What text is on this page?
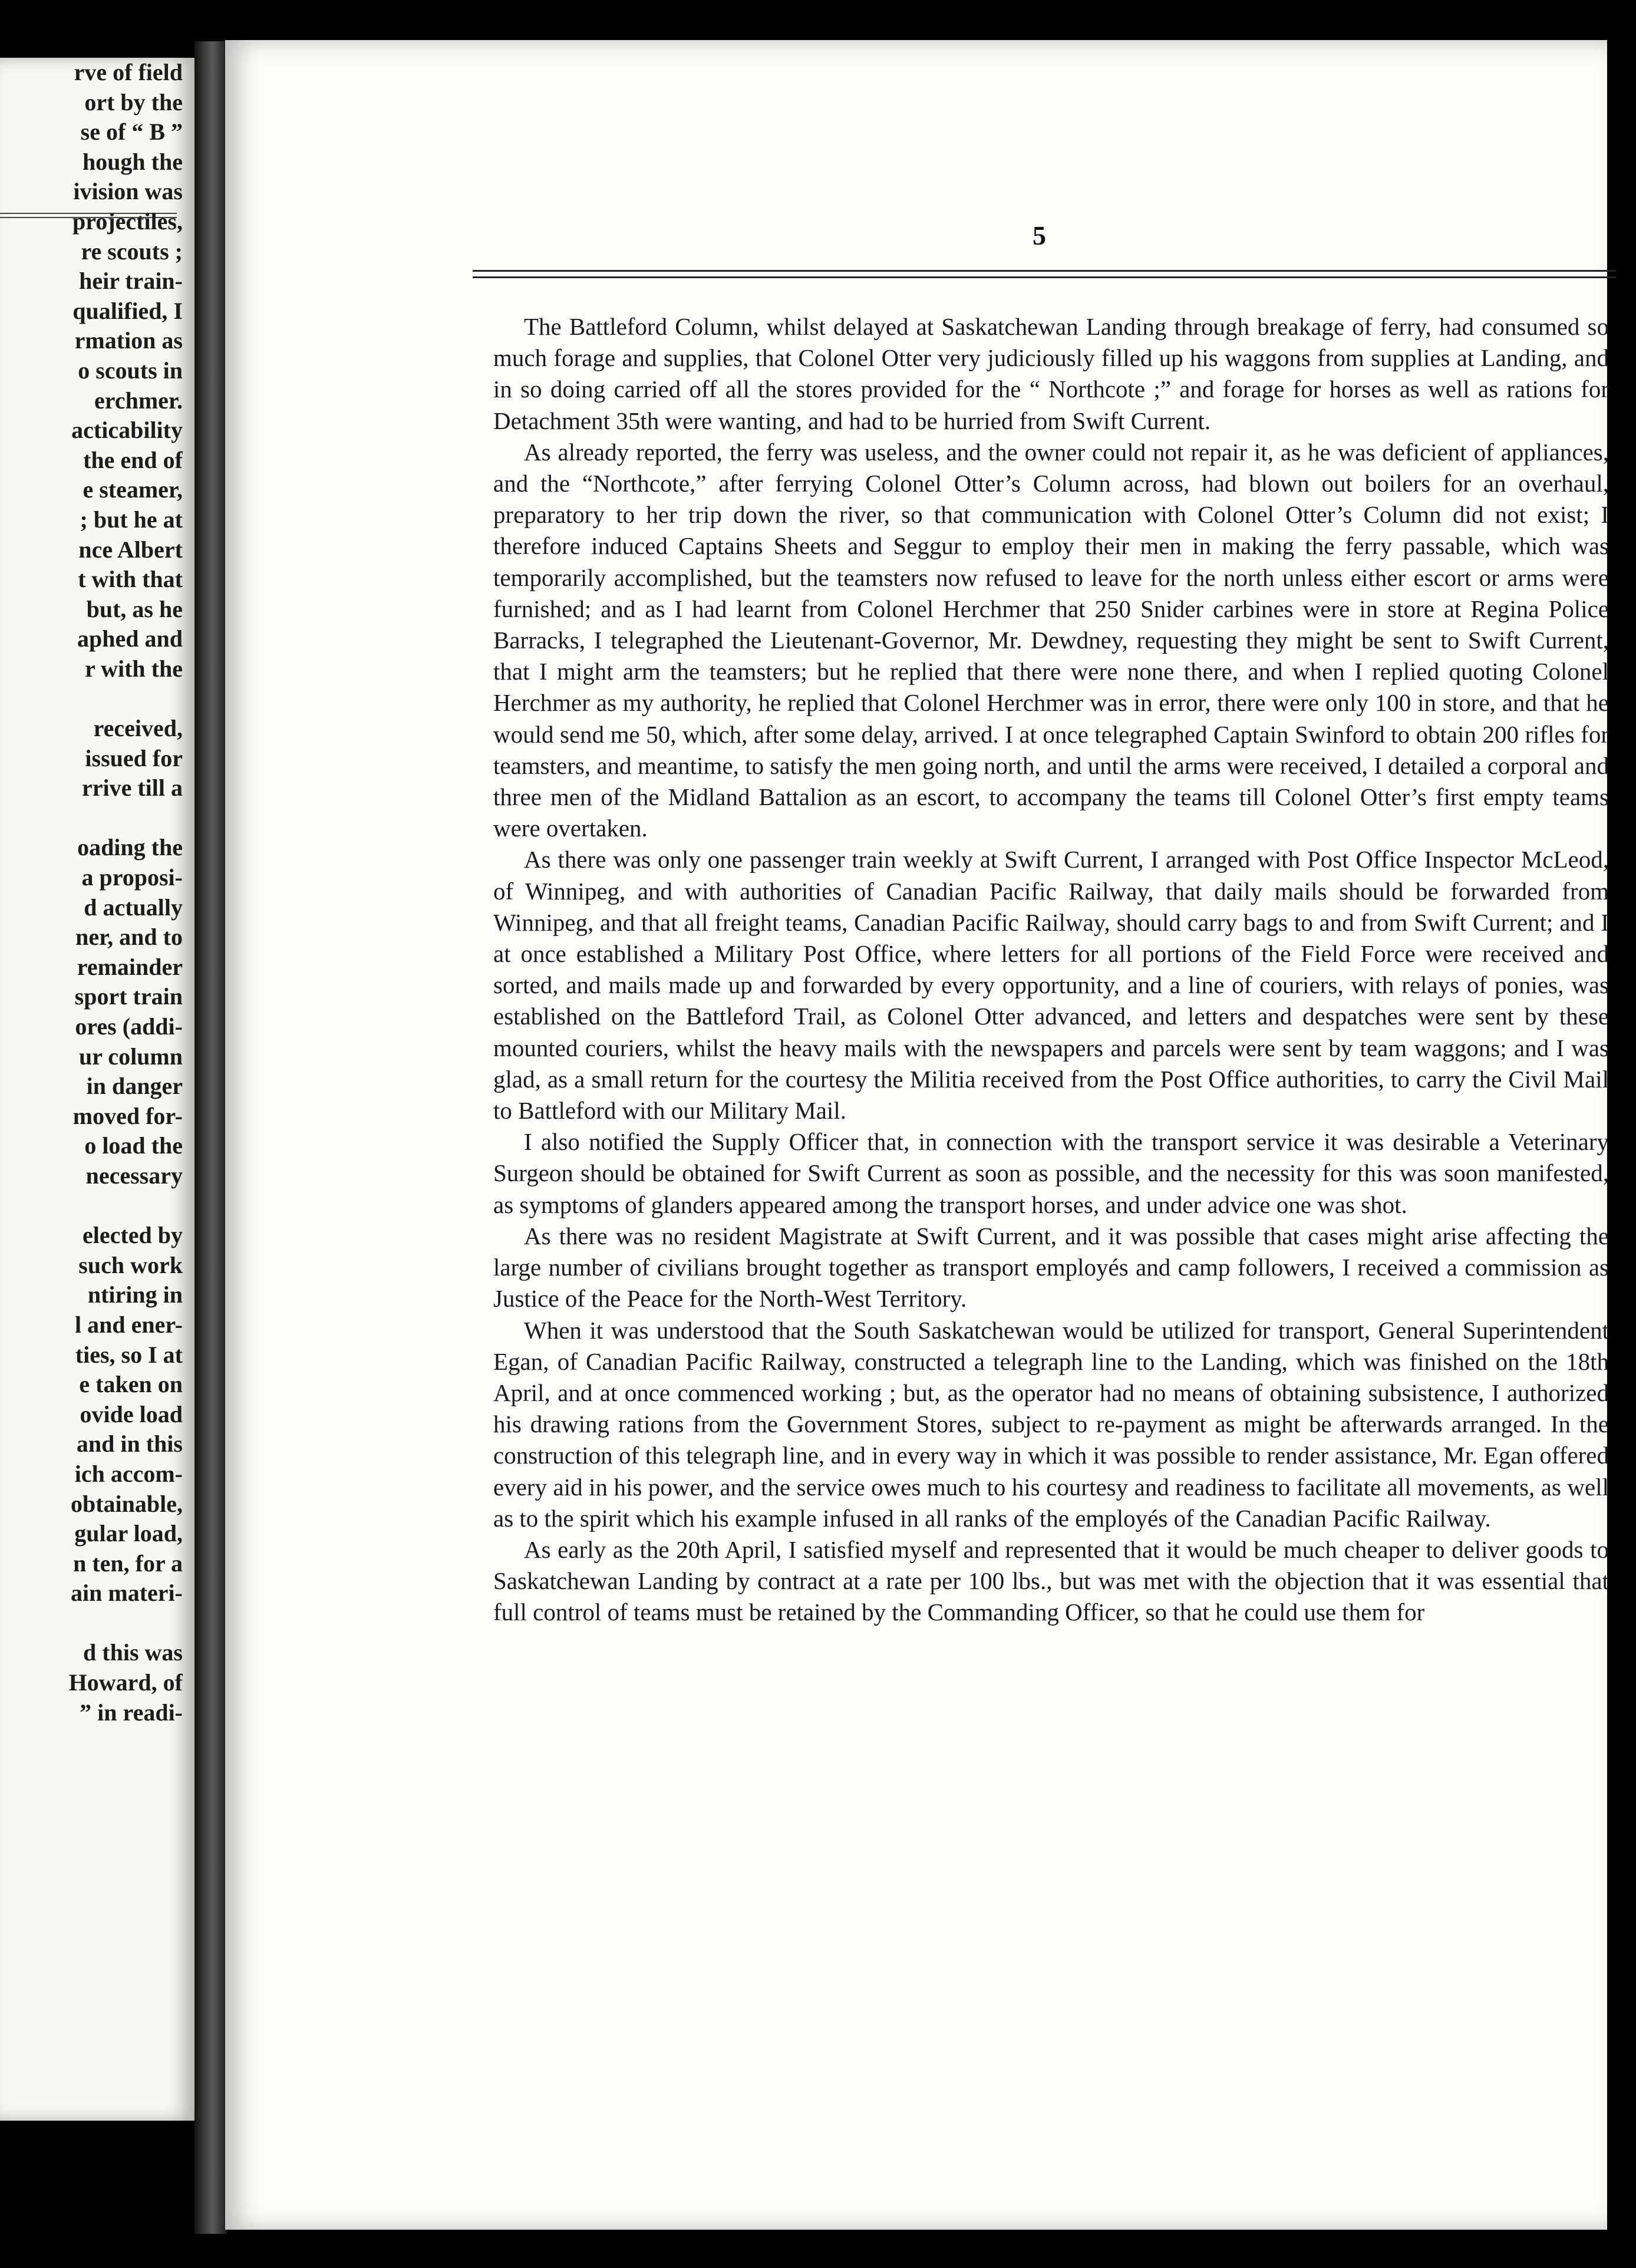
rve of field
ort by the
se of “ B ”
hough the
ivision was
projectiles,
re scouts ;
heir train-
qualified, I
rmation as
o scouts in
erchmer.
acticability
the end of
e steamer,
; but he at
nce Albert
t with that
but, as he
aphed and
r with the
received,
issued for
rrive till a
oading the
a proposi-
d actually
ner, and to
remainder
sport train
ores (addi-
ur column
in danger
moved for-
o load the
necessary
elected by
such work
ntiring in
l and ener-
ties, so I at
e taken on
ovide load
and in this
ich accom-
obtainable,
gular load,
n ten, for a
ain materi-
d this was
Howard, of
” in readi-
5

The Battleford Column, whilst delayed at Saskatchewan Landing through breakage of ferry, had consumed so much forage and supplies, that Colonel Otter very judiciously filled up his waggons from supplies at Landing, and in so doing carried off all the stores provided for the “ Northcote ;” and forage for horses as well as rations for Detachment 35th were wanting, and had to be hurried from Swift Current.

As already reported, the ferry was useless, and the owner could not repair it, as he was deficient of appliances, and the “Northcote,” after ferrying Colonel Otter’s Column across, had blown out boilers for an overhaul, preparatory to her trip down the river, so that communication with Colonel Otter’s Column did not exist; I therefore induced Captains Sheets and Seggur to employ their men in making the ferry passable, which was temporarily accomplished, but the teamsters now refused to leave for the north unless either escort or arms were furnished; and as I had learnt from Colonel Herchmer that 250 Snider carbines were in store at Regina Police Barracks, I telegraphed the Lieutenant-Governor, Mr. Dewdney, requesting they might be sent to Swift Current, that I might arm the teamsters; but he replied that there were none there, and when I replied quoting Colonel Herchmer as my authority, he replied that Colonel Herchmer was in error, there were only 100 in store, and that he would send me 50, which, after some delay, arrived. I at once telegraphed Captain Swinford to obtain 200 rifles for teamsters, and meantime, to satisfy the men going north, and until the arms were received, I detailed a corporal and three men of the Midland Battalion as an escort, to accompany the teams till Colonel Otter’s first empty teams were overtaken.

As there was only one passenger train weekly at Swift Current, I arranged with Post Office Inspector McLeod, of Winnipeg, and with authorities of Canadian Pacific Railway, that daily mails should be forwarded from Winnipeg, and that all freight teams, Canadian Pacific Railway, should carry bags to and from Swift Current; and I at once established a Military Post Office, where letters for all portions of the Field Force were received and sorted, and mails made up and forwarded by every opportunity, and a line of couriers, with relays of ponies, was established on the Battleford Trail, as Colonel Otter advanced, and letters and despatches were sent by these mounted couriers, whilst the heavy mails with the newspapers and parcels were sent by team waggons; and I was glad, as a small return for the courtesy the Militia received from the Post Office authorities, to carry the Civil Mail to Battleford with our Military Mail.

I also notified the Supply Officer that, in connection with the transport service it was desirable a Veterinary Surgeon should be obtained for Swift Current as soon as possible, and the necessity for this was soon manifested, as symptoms of glanders appeared among the transport horses, and under advice one was shot.

As there was no resident Magistrate at Swift Current, and it was possible that cases might arise affecting the large number of civilians brought together as transport employés and camp followers, I received a commission as Justice of the Peace for the North-West Territory.

When it was understood that the South Saskatchewan would be utilized for transport, General Superintendent Egan, of Canadian Pacific Railway, constructed a telegraph line to the Landing, which was finished on the 18th April, and at once commenced working ; but, as the operator had no means of obtaining subsistence, I authorized his drawing rations from the Government Stores, subject to re-payment as might be afterwards arranged. In the construction of this telegraph line, and in every way in which it was possible to render assistance, Mr. Egan offered every aid in his power, and the service owes much to his courtesy and readiness to facilitate all movements, as well as to the spirit which his example infused in all ranks of the employés of the Canadian Pacific Railway.

As early as the 20th April, I satisfied myself and represented that it would be much cheaper to deliver goods to Saskatchewan Landing by contract at a rate per 100 lbs., but was met with the objection that it was essential that full control of teams must be retained by the Commanding Officer, so that he could use them for
